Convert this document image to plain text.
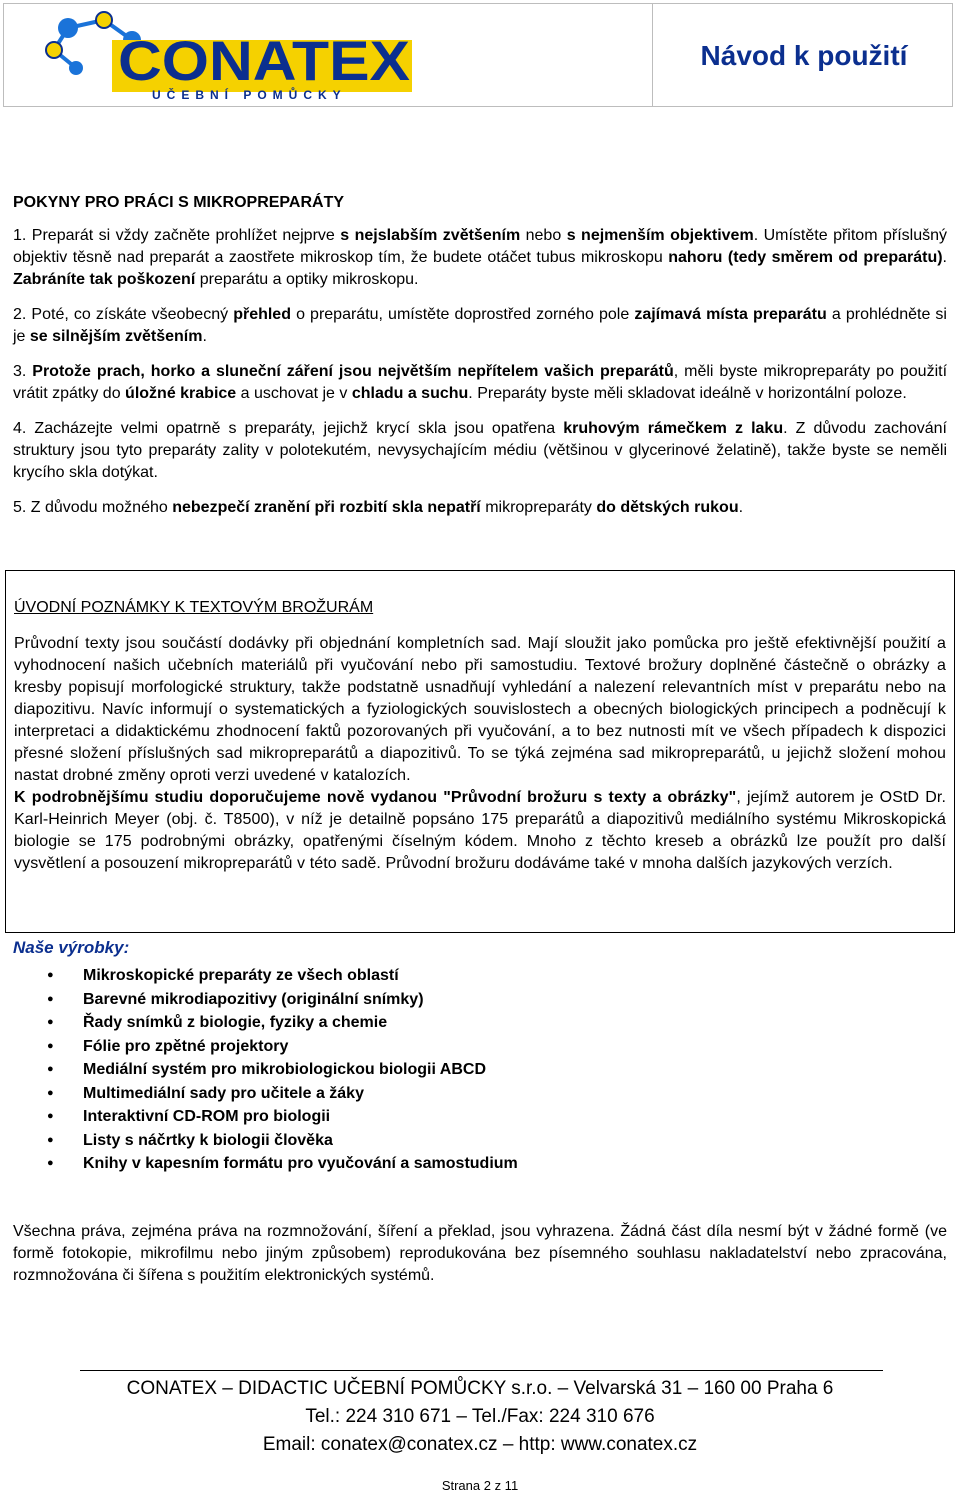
CONATEX
UČEBNÍ POMŮCKY
Návod k použití
POKYNY PRO PRÁCI S MIKROPREPARÁTY

1. Preparát si vždy začněte prohlížet nejprve s nejslabším zvětšením nebo s nejmenším objektivem. Umístěte přitom příslušný objektiv těsně nad preparát a zaostřete mikroskop tím, že budete otáčet tubus mikroskopu nahoru (tedy směrem od preparátu). Zabráníte tak poškození preparátu a optiky mikroskopu.

2. Poté, co získáte všeobecný přehled o preparátu, umístěte doprostřed zorného pole zajímavá místa preparátu a prohlédněte si je se silnějším zvětšením.

3. Protože prach, horko a sluneční záření jsou největším nepřítelem vašich preparátů, měli byste mikropreparáty po použití vrátit zpátky do úložné krabice a uschovat je v chladu a suchu. Preparáty byste měli skladovat ideálně v horizontální poloze.

4. Zacházejte velmi opatrně s preparáty, jejichž krycí skla jsou opatřena kruhovým rámečkem z laku. Z důvodu zachování struktury jsou tyto preparáty zality v polotekutém, nevysychajícím médiu (většinou v glycerinové želatině), takže byste se neměli krycího skla dotýkat.

5. Z důvodu možného nebezpečí zranění při rozbití skla nepatří mikropreparáty do dětských rukou.

ÚVODNÍ POZNÁMKY K TEXTOVÝM BROŽURÁM

Průvodní texty jsou součástí dodávky při objednání kompletních sad. Mají sloužit jako pomůcka pro ještě efektivnější použití a vyhodnocení našich učebních materiálů při vyučování nebo při samostudiu. Textové brožury doplněné částečně o obrázky a kresby popisují morfologické struktury, takže podstatně usnadňují vyhledání a nalezení relevantních míst v preparátu nebo na diapozitivu. Navíc informují o systematických a fyziologických souvislostech a obecných biologických principech a podněcují k interpretaci a didaktickému zhodnocení faktů pozorovaných při vyučování, a to bez nutnosti mít ve všech případech k dispozici přesné složení příslušných sad mikropreparátů a diapozitivů. To se týká zejména sad mikropreparátů, u jejichž složení mohou nastat drobné změny oproti verzi uvedené v katalozích.

K podrobnějšímu studiu doporučujeme nově vydanou "Průvodní brožuru s texty a obrázky", jejímž autorem je OStD Dr. Karl-Heinrich Meyer (obj. č. T8500), v níž je detailně popsáno 175 preparátů a diapozitivů mediálního systému Mikroskopická biologie se 175 podrobnými obrázky, opatřenými číselným kódem. Mnoho z těchto kreseb a obrázků lze použít pro další vysvětlení a posouzení mikropreparátů v této sadě. Průvodní brožuru dodáváme také v mnoha dalších jazykových verzích.

Naše výrobky:
● Mikroskopické preparáty ze všech oblastí
● Barevné mikrodiapozitivy (originální snímky)
● Řady snímků z biologie, fyziky a chemie
● Fólie pro zpětné projektory
● Mediální systém pro mikrobiologickou biologii ABCD
● Multimediální sady pro učitele a žáky
● Interaktivní CD-ROM pro biologii
● Listy s náčrtky k biologii člověka
● Knihy v kapesním formátu pro vyučování a samostudium

Všechna práva, zejména práva na rozmnožování, šíření a překlad, jsou vyhrazena. Žádná část díla nesmí být v žádné formě (ve formě fotokopie, mikrofilmu nebo jiným způsobem) reprodukována bez písemného souhlasu nakladatelství nebo zpracována, rozmnožována či šířena s použitím elektronických systémů.

CONATEX – DIDACTIC UČEBNÍ POMŮCKY s.r.o. – Velvarská 31 – 160 00 Praha 6
Tel.: 224 310 671 – Tel./Fax: 224 310 676
Email: conatex@conatex.cz – http: www.conatex.cz
Strana 2 z 11
